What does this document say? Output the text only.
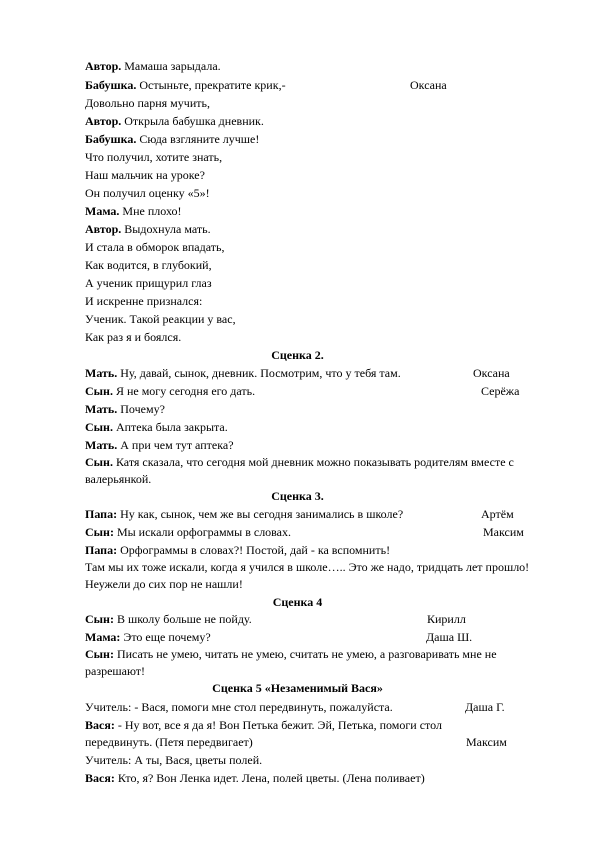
Автор. Мамаша зарыдала.
Бабушка. Остыньте, прекратите крик,-	Оксана
Довольно парня мучить,
Автор. Открыла бабушка дневник.
Бабушка. Сюда взгляните лучше!
Что получил, хотите знать,
Наш мальчик на уроке?
Он получил оценку «5»!
Мама. Мне плохо!
Автор. Выдохнула мать.
И стала в обморок впадать,
Как водится, в глубокий,
А ученик прищурил глаз
И искренне признался:
Ученик. Такой реакции у вас,
Как раз я и боялся.
Сценка 2.
Мать. Ну, давай, сынок, дневник. Посмотрим, что у тебя там.	Оксана
Сын. Я не могу сегодня его дать.	Серёжа
Мать. Почему?
Сын. Аптека была закрыта.
Мать. А при чем тут аптека?
Сын. Катя сказала, что сегодня мой дневник можно показывать родителям вместе с валерьянкой.
Сценка 3.
Папа: Ну как, сынок, чем же вы сегодня занимались в школе?	Артём
Сын: Мы искали орфограммы в словах.	Максим
Папа: Орфограммы в словах?! Постой, дай - ка вспомнить!
Там мы их тоже искали, когда я учился в школе….. Это же надо, тридцать лет прошло! Неужели до сих пор не нашли!
Сценка 4
Сын: В школу больше не пойду.	Кирилл
Мама: Это еще почему?	Даша Ш.
Сын: Писать не умею, читать не умею, считать не умею, а разговаривать мне не разрешают!
Сценка 5 «Незаменимый Вася»
Учитель: - Вася, помоги мне стол передвинуть, пожалуйста.	Даша Г.
Вася: - Ну вот, все я да я! Вон Петька бежит. Эй, Петька, помоги стол
передвинуть. (Петя передвигает)	Максим
Учитель: А ты, Вася, цветы полей.
Вася: Кто, я? Вон Ленка идет. Лена, полей цветы. (Лена поливает)
